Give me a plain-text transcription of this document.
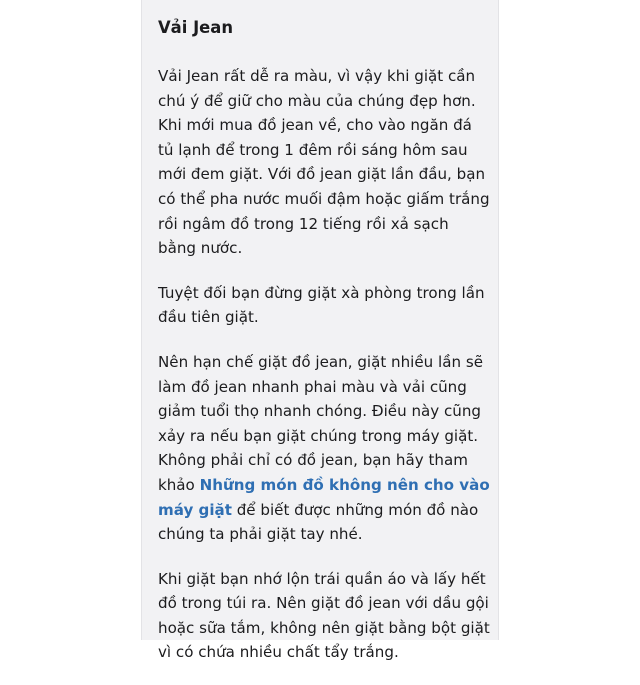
Vải Jean

Vải Jean rất dễ ra màu, vì vậy khi giặt cần chú ý để giữ cho màu của chúng đẹp hơn. Khi mới mua đồ jean về, cho vào ngăn đá tủ lạnh để trong 1 đêm rồi sáng hôm sau mới đem giặt. Với đồ jean giặt lần đầu, bạn có thể pha nước muối đậm hoặc giấm trắng rồi ngâm đồ trong 12 tiếng rồi xả sạch bằng nước.

Tuyệt đối bạn đừng giặt xà phòng trong lần đầu tiên giặt.

Nên hạn chế giặt đồ jean, giặt nhiều lần sẽ làm đồ jean nhanh phai màu và vải cũng giảm tuổi thọ nhanh chóng. Điều này cũng xảy ra nếu bạn giặt chúng trong máy giặt. Không phải chỉ có đồ jean, bạn hãy tham khảo Những món đồ không nên cho vào máy giặt để biết được những món đồ nào chúng ta phải giặt tay nhé.

Khi giặt bạn nhớ lộn trái quần áo và lấy hết đồ trong túi ra. Nên giặt đồ jean với dầu gội hoặc sữa tắm, không nên giặt bằng bột giặt vì có chứa nhiều chất tẩy trắng.
